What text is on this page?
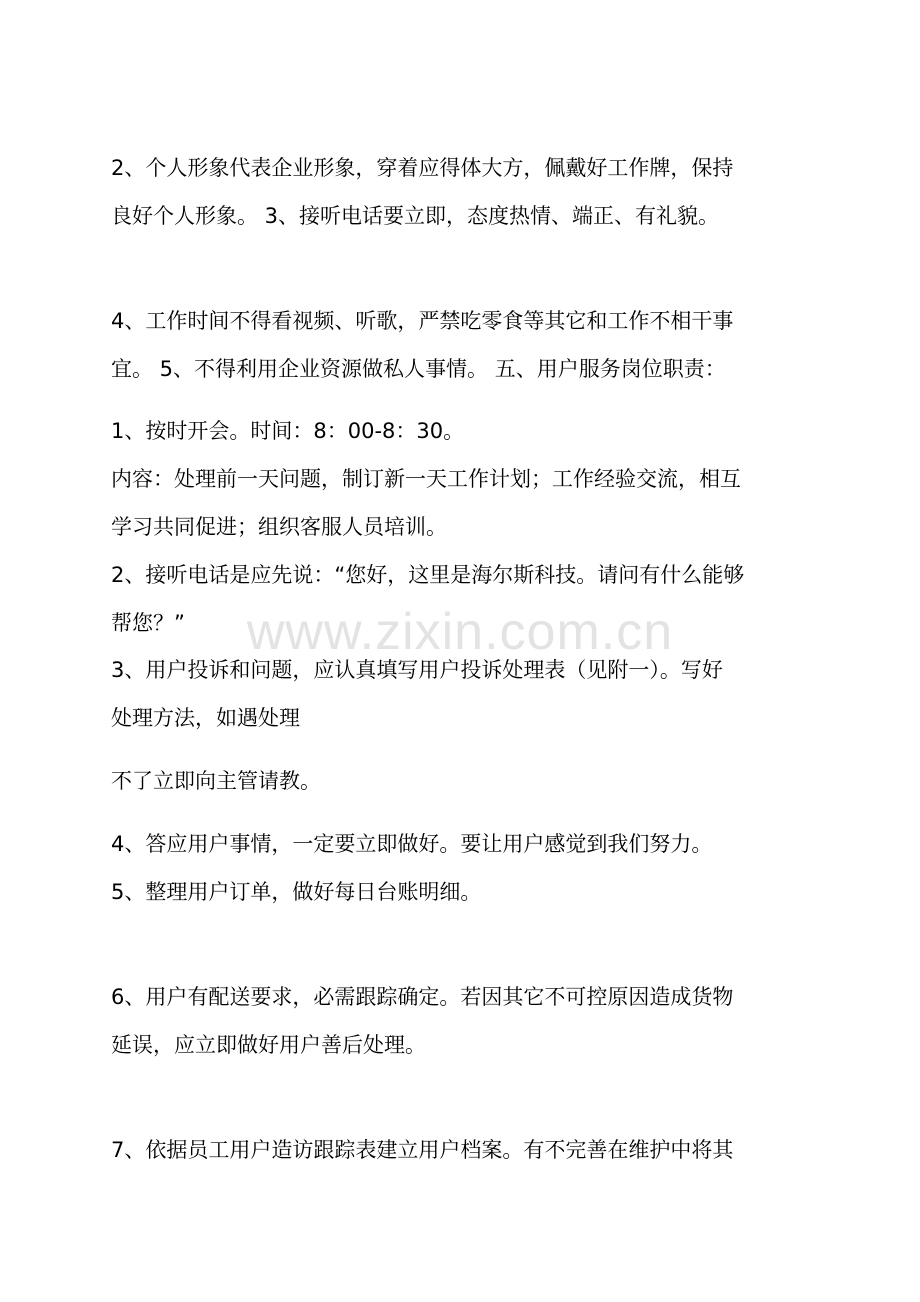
2、个人形象代表企业形象，穿着应得体大方，佩戴好工作牌，保持
良好个人形象。 3、接听电话要立即，态度热情、端正、有礼貌。
4、工作时间不得看视频、听歌，严禁吃零食等其它和工作不相干事
宜。 5、不得利用企业资源做私人事情。 五、用户服务岗位职责：
1、按时开会。时间：8：00-8：30。
内容：处理前一天问题，制订新一天工作计划；工作经验交流，相互
学习共同促进；组织客服人员培训。
2、接听电话是应先说：“您好，这里是海尔斯科技。请问有什么能够
帮您？”
3、用户投诉和问题，应认真填写用户投诉处理表（见附一）。写好
处理方法，如遇处理
不了立即向主管请教。
4、答应用户事情，一定要立即做好。要让用户感觉到我们努力。
5、整理用户订单，做好每日台账明细。
6、用户有配送要求，必需跟踪确定。若因其它不可控原因造成货物
延误，应立即做好用户善后处理。
7、依据员工用户造访跟踪表建立用户档案。有不完善在维护中将其
www.zixin.com.cn
